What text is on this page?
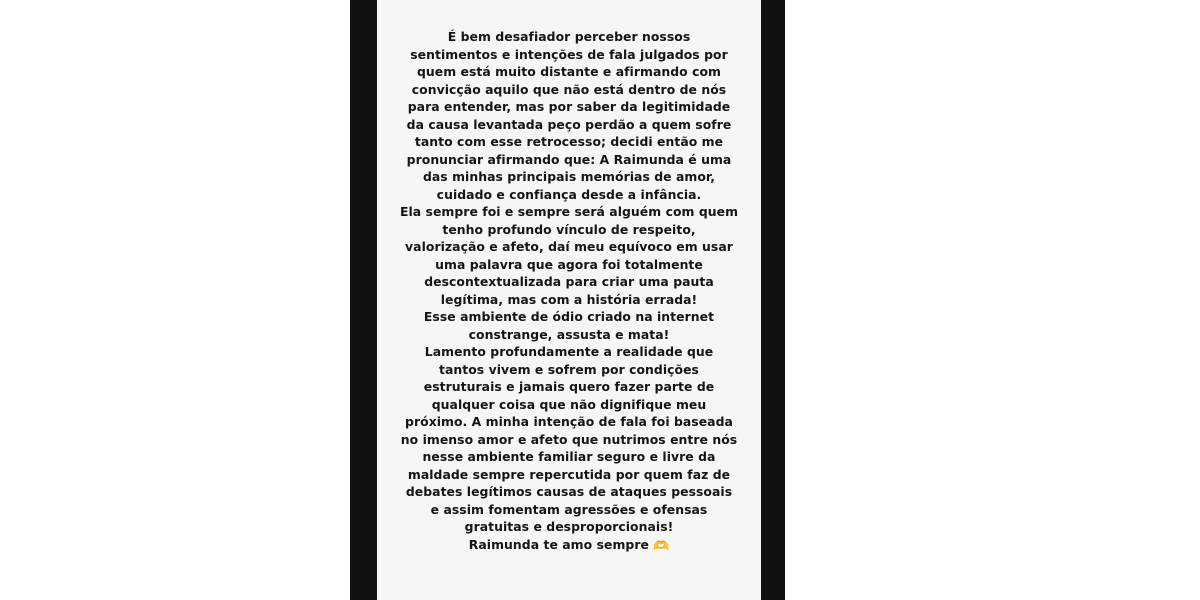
É bem desafiador perceber nossos
sentimentos e intenções de fala julgados por
quem está muito distante e afirmando com
convicção aquilo que não está dentro de nós
para entender, mas por saber da legitimidade
da causa levantada peço perdão a quem sofre
tanto com esse retrocesso; decidi então me
pronunciar afirmando que: A Raimunda é uma
das minhas principais memórias de amor,
cuidado e confiança desde a infância.
Ela sempre foi e sempre será alguém com quem
tenho profundo vínculo de respeito,
valorização e afeto, daí meu equívoco em usar
uma palavra que agora foi totalmente
descontextualizada para criar uma pauta
legítima, mas com a história errada!
Esse ambiente de ódio criado na internet
constrange, assusta e mata!
Lamento profundamente a realidade que
tantos vivem e sofrem por condições
estruturais e jamais quero fazer parte de
qualquer coisa que não dignifique meu
próximo. A minha intenção de fala foi baseada
no imenso amor e afeto que nutrimos entre nós
nesse ambiente familiar seguro e livre da
maldade sempre repercutida por quem faz de
debates legítimos causas de ataques pessoais
e assim fomentam agressões e ofensas
gratuitas e desproporcionais!
Raimunda te amo sempre 🫶
